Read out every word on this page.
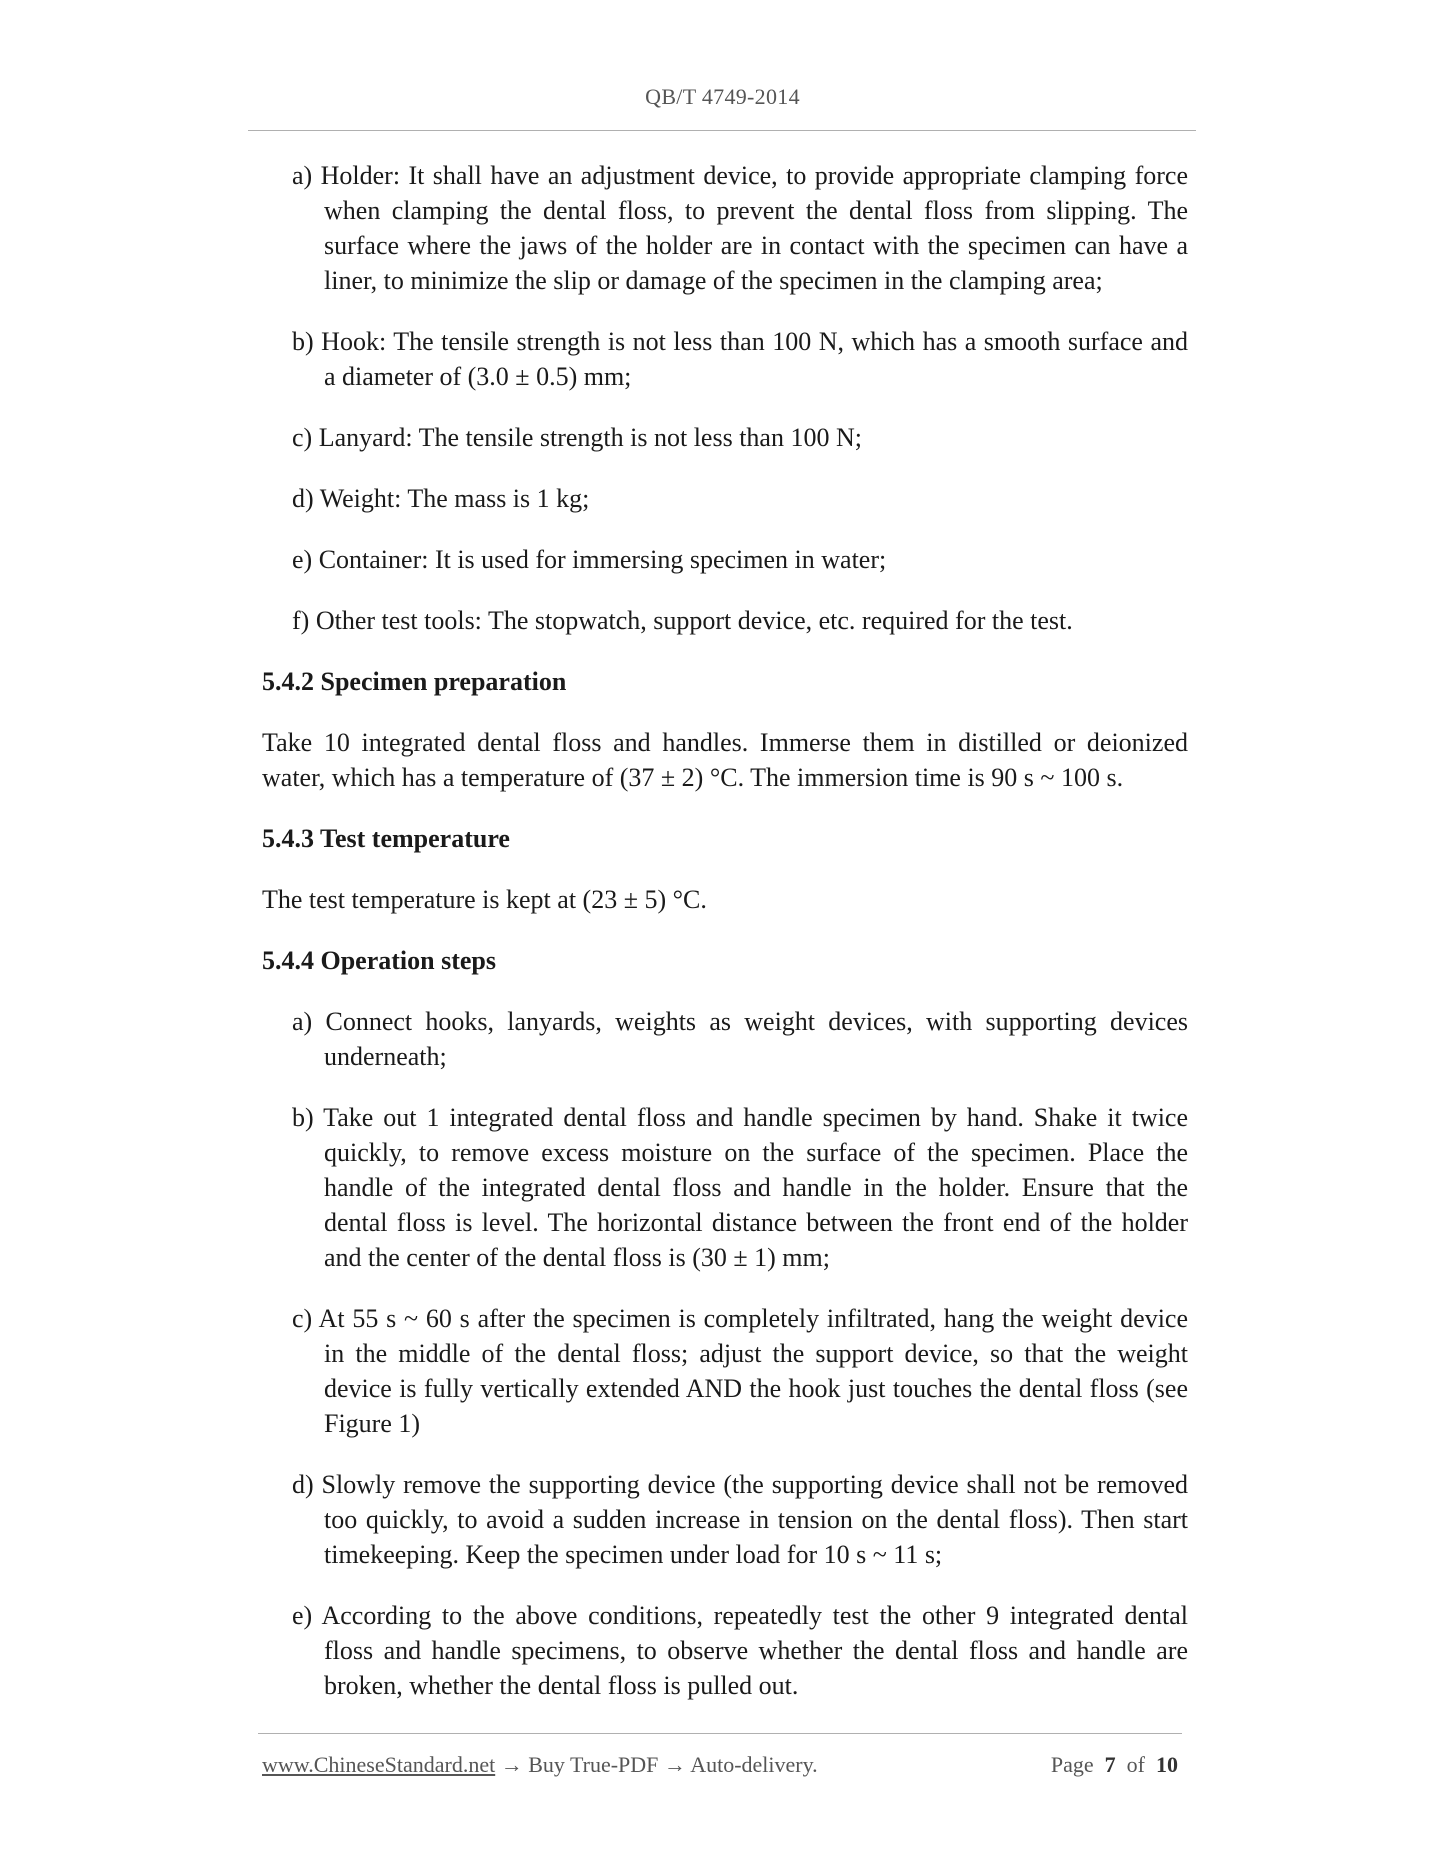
QB/T 4749-2014

a) Holder: It shall have an adjustment device, to provide appropriate clamping force when clamping the dental floss, to prevent the dental floss from slipping. The surface where the jaws of the holder are in contact with the specimen can have a liner, to minimize the slip or damage of the specimen in the clamping area;

b) Hook: The tensile strength is not less than 100 N, which has a smooth surface and a diameter of (3.0 ± 0.5) mm;

c) Lanyard: The tensile strength is not less than 100 N;

d) Weight: The mass is 1 kg;

e) Container: It is used for immersing specimen in water;

f) Other test tools: The stopwatch, support device, etc. required for the test.

5.4.2 Specimen preparation

Take 10 integrated dental floss and handles. Immerse them in distilled or deionized water, which has a temperature of (37 ± 2) °C. The immersion time is 90 s ~ 100 s.

5.4.3 Test temperature

The test temperature is kept at (23 ± 5) °C.

5.4.4 Operation steps

a) Connect hooks, lanyards, weights as weight devices, with supporting devices underneath;

b) Take out 1 integrated dental floss and handle specimen by hand. Shake it twice quickly, to remove excess moisture on the surface of the specimen. Place the handle of the integrated dental floss and handle in the holder. Ensure that the dental floss is level. The horizontal distance between the front end of the holder and the center of the dental floss is (30 ± 1) mm;

c) At 55 s ~ 60 s after the specimen is completely infiltrated, hang the weight device in the middle of the dental floss; adjust the support device, so that the weight device is fully vertically extended AND the hook just touches the dental floss (see Figure 1)

d) Slowly remove the supporting device (the supporting device shall not be removed too quickly, to avoid a sudden increase in tension on the dental floss). Then start timekeeping. Keep the specimen under load for 10 s ~ 11 s;

e) According to the above conditions, repeatedly test the other 9 integrated dental floss and handle specimens, to observe whether the dental floss and handle are broken, whether the dental floss is pulled out.

www.ChineseStandard.net → Buy True-PDF → Auto-delivery.	Page 7 of 10
